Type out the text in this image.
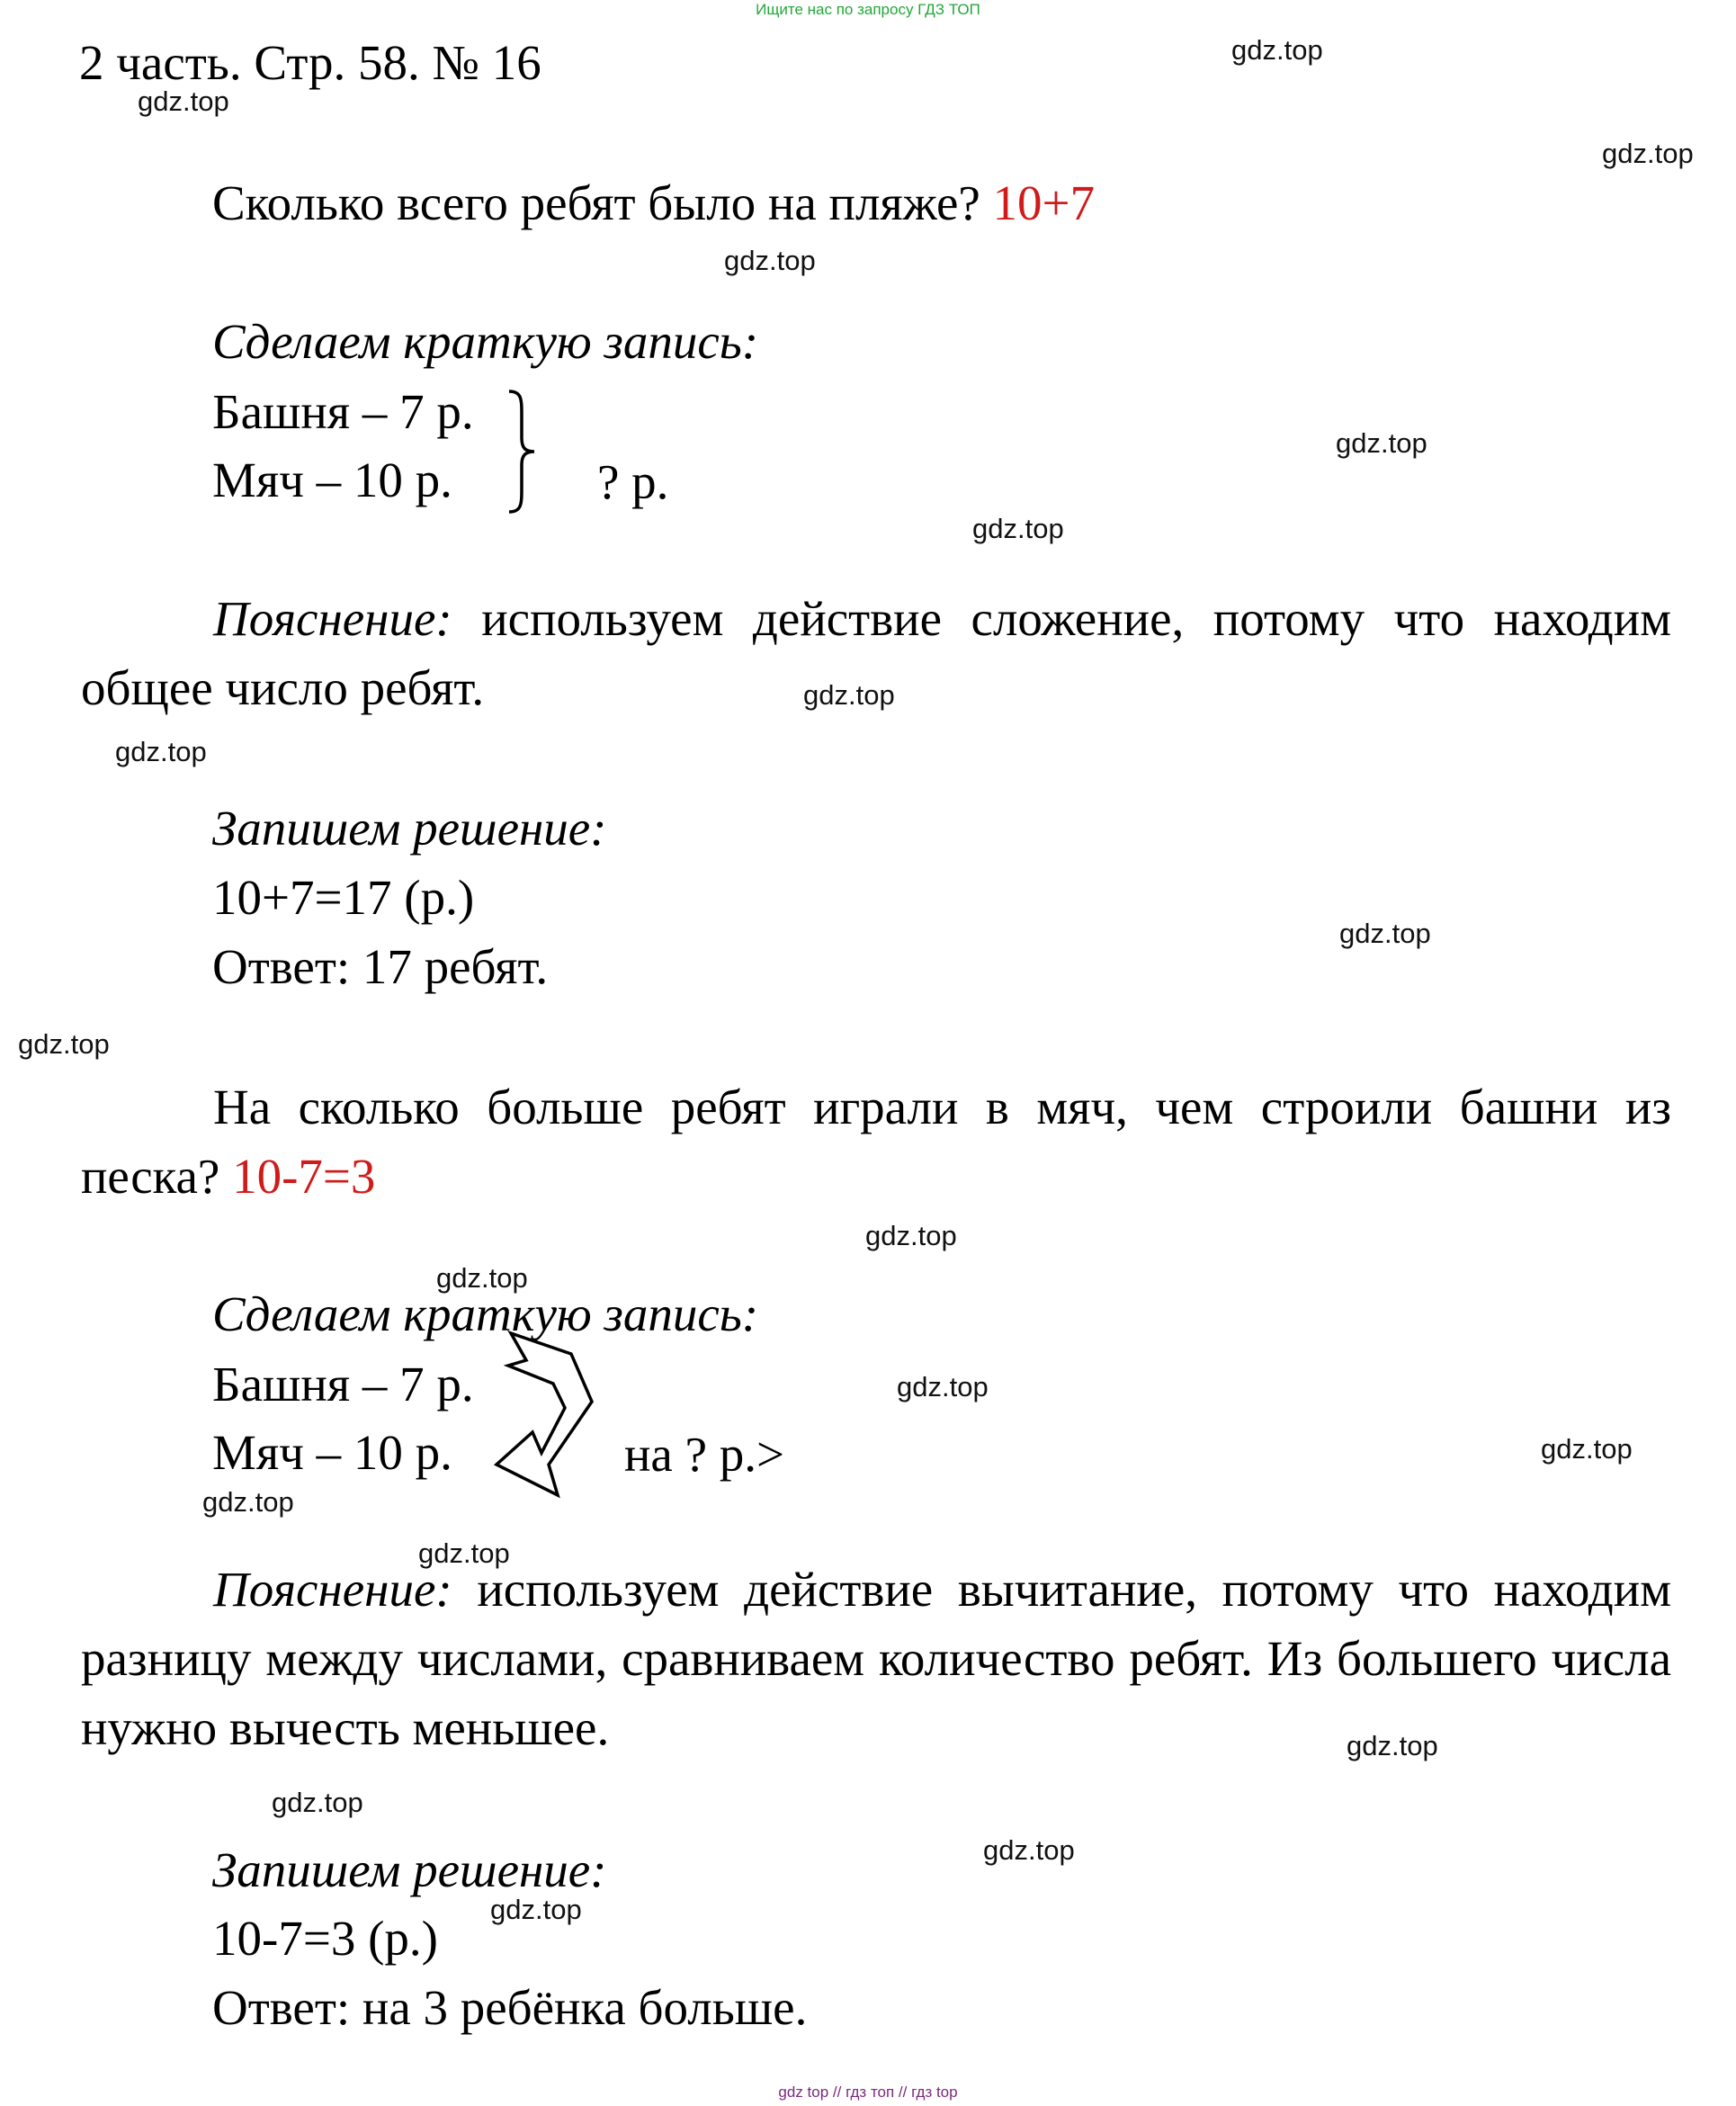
Ищите нас по запросу ГДЗ ТОП
2 часть. Стр. 58. № 16
Сколько всего ребят было на пляже? 10+7
Сделаем краткую запись:
Башня – 7 р.
Мяч – 10 р.	? р.
Пояснение: используем действие сложение, потому что находим общее число ребят.
Запишем решение:
10+7=17 (р.)
Ответ: 17 ребят.
На сколько больше ребят играли в мяч, чем строили башни из песка? 10-7=3
Сделаем краткую запись:
Башня – 7 р.
Мяч – 10 р.	на ? р.>
Пояснение: используем действие вычитание, потому что находим разницу между числами, сравниваем количество ребят. Из большего числа нужно вычесть меньшее.
Запишем решение:
10-7=3 (р.)
Ответ: на 3 ребёнка больше.
gdz.top
gdz.top
gdz.top
gdz.top
gdz.top
gdz.top
gdz.top
gdz.top
gdz.top
gdz.top
gdz.top
gdz.top
gdz.top
gdz.top
gdz.top
gdz.top
gdz.top
gdz.top
gdz.top
gdz.top
gdz top // гдз топ // гдз top
